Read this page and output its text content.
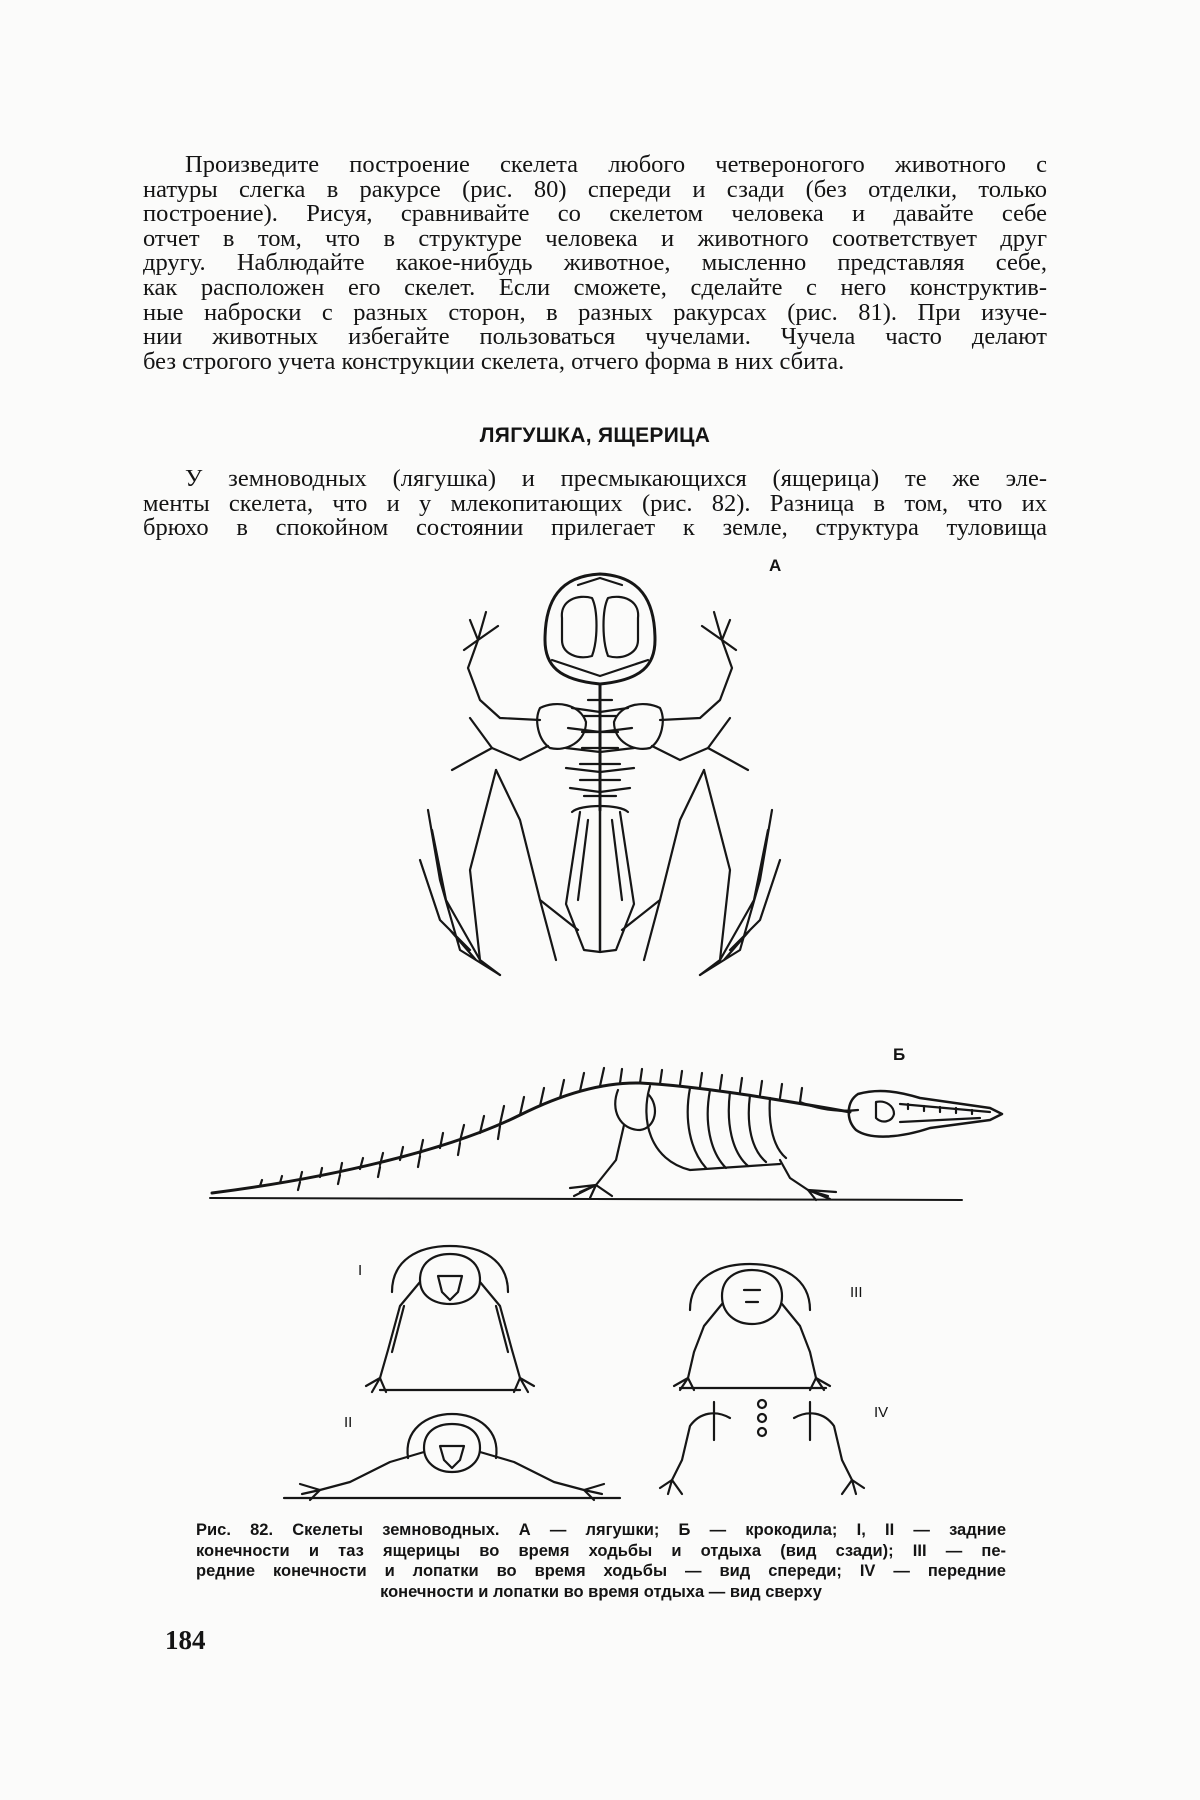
Произведите построение скелета любого четвероногого животного с
натуры слегка в ракурсе (рис. 80) спереди и сзади (без отделки, только
построение). Рисуя, сравнивайте со скелетом человека и давайте себе
отчет в том, что в структуре человека и животного соответствует друг
другу. Наблюдайте какое-нибудь животное, мысленно представляя себе,
как расположен его скелет. Если сможете, сделайте с него конструктив-
ные наброски с разных сторон, в разных ракурсах (рис. 81). При изуче-
нии животных избегайте пользоваться чучелами. Чучела часто делают
без строгого учета конструкции скелета, отчего форма в них сбита.
ЛЯГУШКА, ЯЩЕРИЦА
У земноводных (лягушка) и пресмыкающихся (ящерица) те же эле-
менты скелета, что и у млекопитающих (рис. 82). Разница в том, что их
брюхо в спокойном состоянии прилегает к земле, структура туловища
А
Б
I
II
III
IV
Рис. 82. Скелеты земноводных. А — лягушки; Б — крокодила; I, II — задние
конечности и таз ящерицы во время ходьбы и отдыха (вид сзади); III — пе-
редние конечности и лопатки во время ходьбы — вид спереди; IV — передние
конечности и лопатки во время отдыха — вид сверху
184
